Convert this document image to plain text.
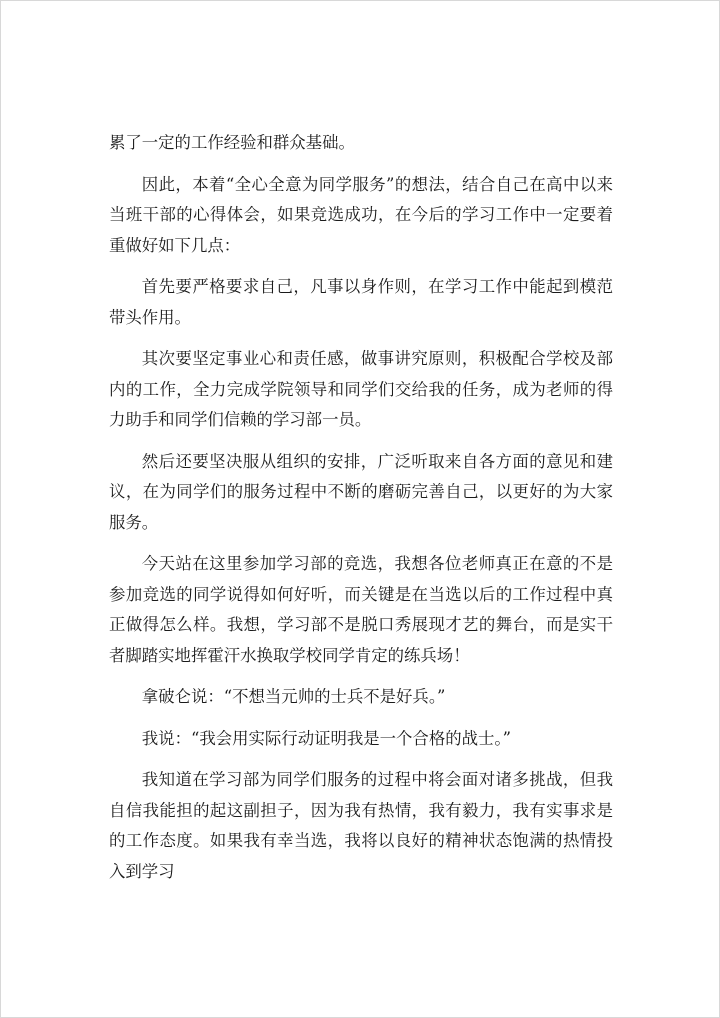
累了一定的工作经验和群众基础。

因此，本着“全心全意为同学服务”的想法，结合自己在高中以来当班干部的心得体会，如果竞选成功，在今后的学习工作中一定要着重做好如下几点：

首先要严格要求自己，凡事以身作则，在学习工作中能起到模范带头作用。

其次要坚定事业心和责任感，做事讲究原则，积极配合学校及部内的工作，全力完成学院领导和同学们交给我的任务，成为老师的得力助手和同学们信赖的学习部一员。

然后还要坚决服从组织的安排，广泛听取来自各方面的意见和建议，在为同学们的服务过程中不断的磨砺完善自己，以更好的为大家服务。

今天站在这里参加学习部的竞选，我想各位老师真正在意的不是参加竞选的同学说得如何好听，而关键是在当选以后的工作过程中真正做得怎么样。我想，学习部不是脱口秀展现才艺的舞台，而是实干者脚踏实地挥霍汗水换取学校同学肯定的练兵场！

拿破仑说：“不想当元帅的士兵不是好兵。”

我说：“我会用实际行动证明我是一个合格的战士。”

我知道在学习部为同学们服务的过程中将会面对诸多挑战，但我自信我能担的起这副担子，因为我有热情，我有毅力，我有实事求是的工作态度。如果我有幸当选，我将以良好的精神状态饱满的热情投入到学习
